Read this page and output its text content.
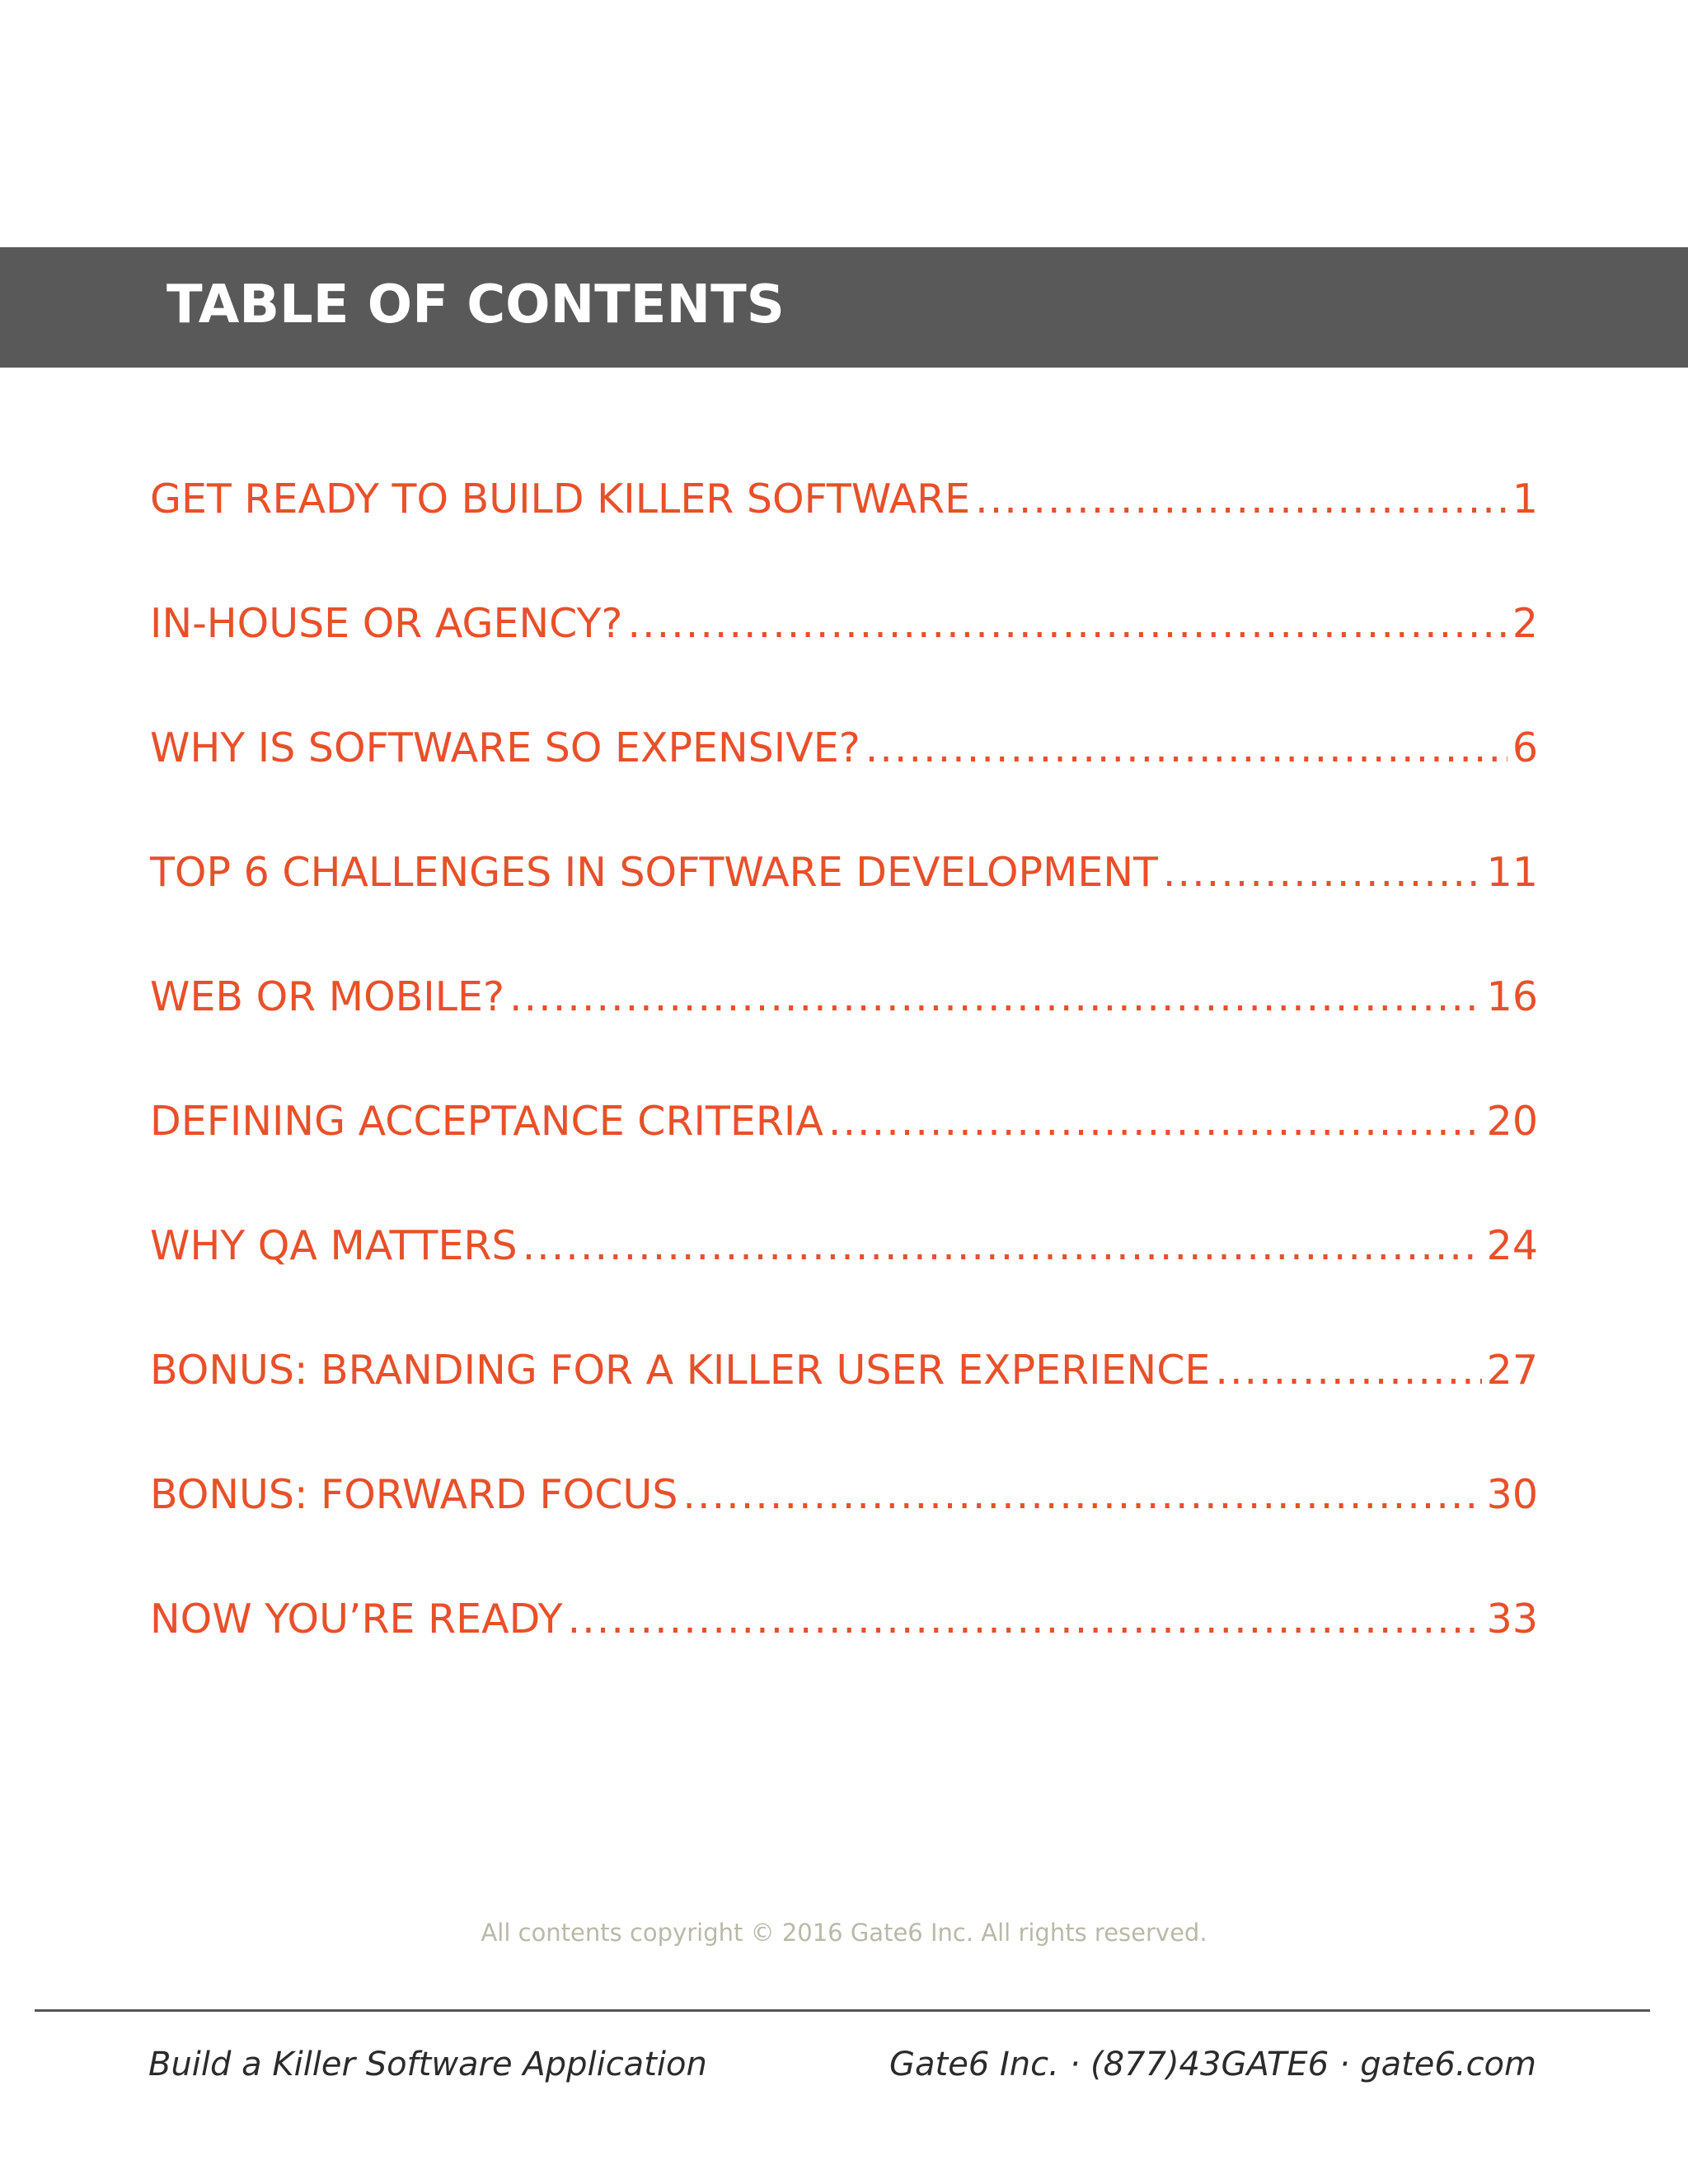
TABLE OF CONTENTS
GET READY TO BUILD KILLER SOFTWARE .....	1
IN-HOUSE OR AGENCY? .....	2
WHY IS SOFTWARE SO EXPENSIVE? .....	6
TOP 6 CHALLENGES IN SOFTWARE DEVELOPMENT .....	11
WEB OR MOBILE? .....	16
DEFINING ACCEPTANCE CRITERIA .....	20
WHY QA MATTERS .....	24
BONUS: BRANDING FOR A KILLER USER EXPERIENCE .....	27
BONUS: FORWARD FOCUS .....	30
NOW YOU’RE READY .....	33
All contents copyright © 2016 Gate6 Inc. All rights reserved.
Build a Killer Software Application	Gate6 Inc. · (877)43GATE6 · gate6.com
